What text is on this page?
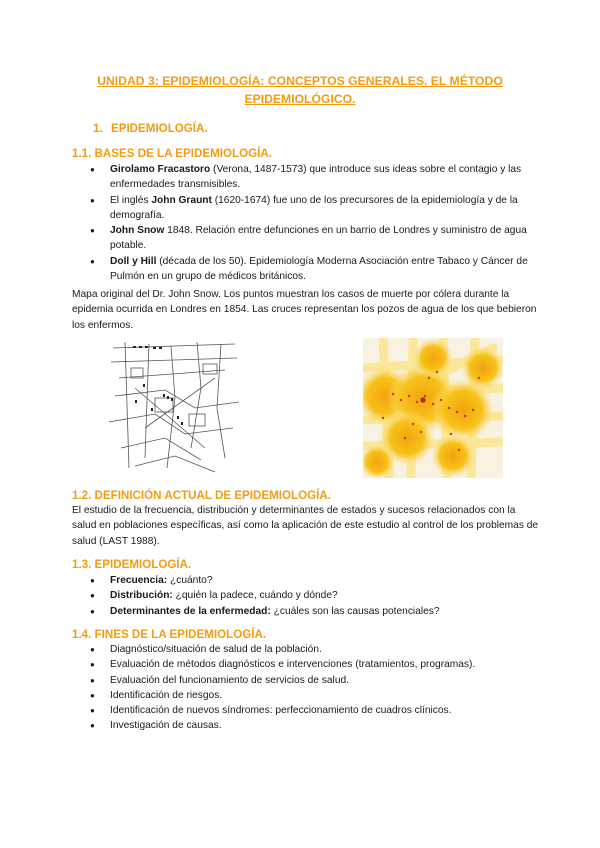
UNIDAD 3: EPIDEMIOLOGÍA: CONCEPTOS GENERALES. EL MÉTODO
EPIDEMIOLÓGICO.
1. EPIDEMIOLOGÍA.
1.1. BASES DE LA EPIDEMIOLOGÍA.
● Girolamo Fracastoro (Verona, 1487-1573) que introduce sus ideas sobre el contagio y las enfermedades transmisibles.
● El inglés John Graunt (1620-1674) fue uno de los precursores de la epidemiología y de la demografía.
● John Snow 1848. Relación entre defunciones en un barrio de Londres y suministro de agua potable.
● Doll y Hill (década de los 50). Epidemiología Moderna Asociación entre Tabaco y Cáncer de Pulmón en un grupo de médicos británicos.

Mapa original del Dr. John Snow. Los puntos muestran los casos de muerte por cólera durante la epidemia ocurrida en Londres en 1854. Las cruces representan los pozos de agua de los que bebieron los enfermos.

1.2. DEFINICIÓN ACTUAL DE EPIDEMIOLOGÍA.

El estudio de la frecuencia, distribución y determinantes de estados y sucesos relacionados con la salud en poblaciones específicas, así como la aplicación de este estudio al control de los problemas de salud (LAST 1988).

1.3. EPIDEMIOLOGÍA.
● Frecuencia: ¿cuánto?
● Distribución: ¿quién la padece, cuándo y dónde?
● Determinantes de la enfermedad: ¿cuáles son las causas potenciales?
1.4. FINES DE LA EPIDEMIOLOGÍA.
● Diagnóstico/situación de salud de la población.
● Evaluación de métodos diagnósticos e intervenciones (tratamientos, programas).
● Evaluación del funcionamiento de servicios de salud.
● Identificación de riesgos.
● Identificación de nuevos síndromes: perfeccionamiento de cuadros clínicos.
● Investigación de causas.
